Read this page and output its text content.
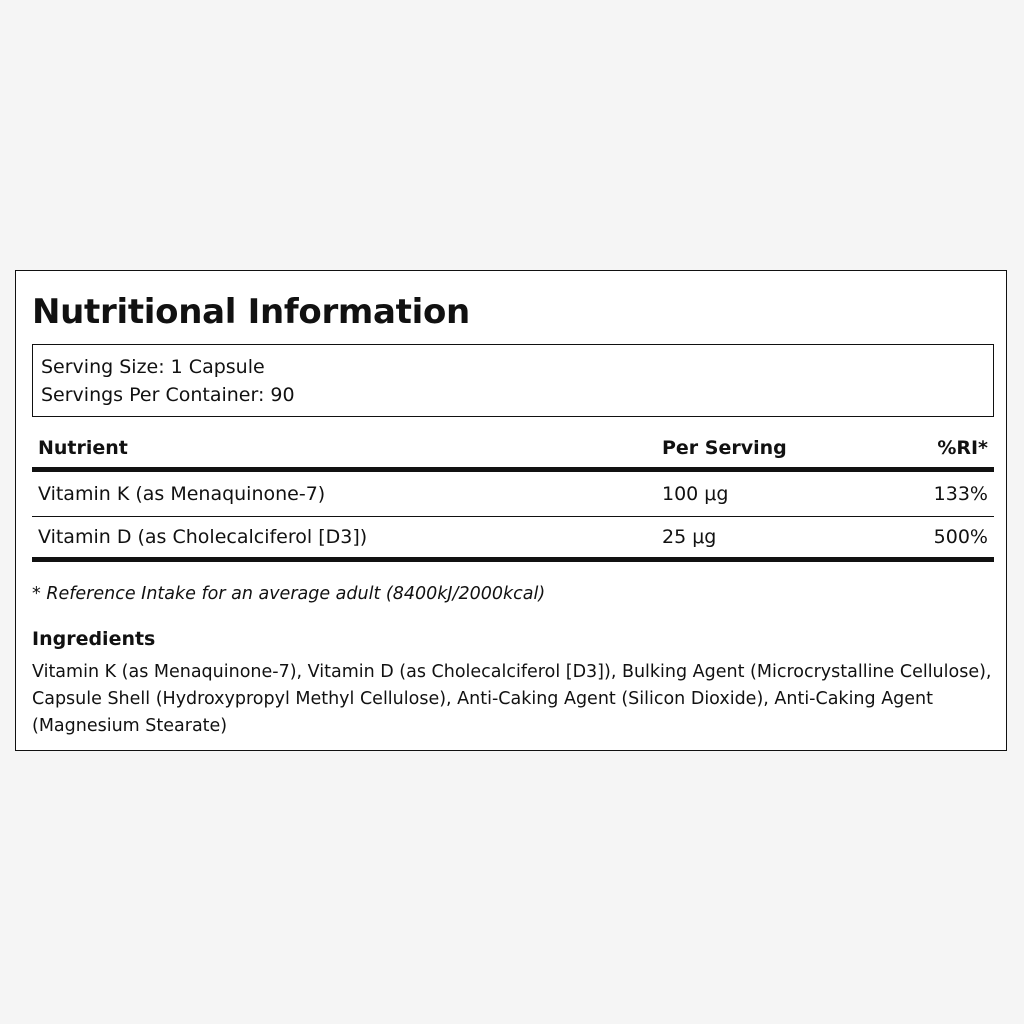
Nutritional Information
Serving Size: 1 Capsule
Servings Per Container: 90
Nutrient	Per Serving	%RI*
Vitamin K (as Menaquinone-7)	100 μg	133%
Vitamin D (as Cholecalciferol [D3])	25 μg	500%
* Reference Intake for an average adult (8400kJ/2000kcal)
Ingredients
Vitamin K (as Menaquinone-7), Vitamin D (as Cholecalciferol [D3]), Bulking Agent (Microcrystalline Cellulose), Capsule Shell (Hydroxypropyl Methyl Cellulose), Anti-Caking Agent (Silicon Dioxide), Anti-Caking Agent (Magnesium Stearate)
